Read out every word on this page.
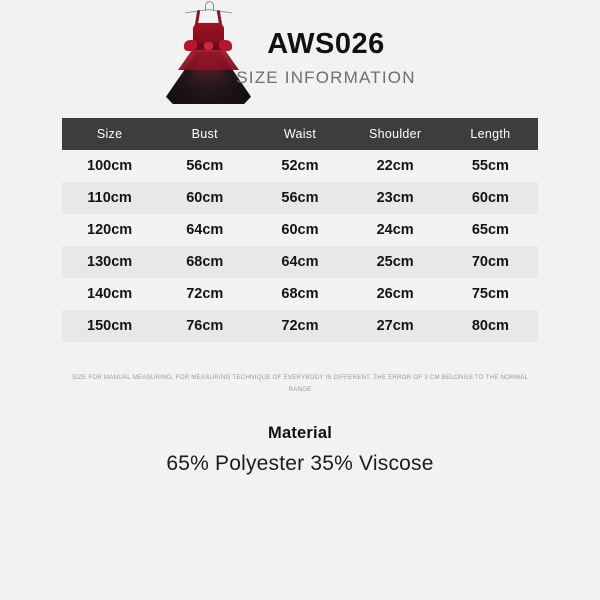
AWS026
SIZE INFORMATION
Size	Bust	Waist	Shoulder	Length
100cm	56cm	52cm	22cm	55cm
110cm	60cm	56cm	23cm	60cm
120cm	64cm	60cm	24cm	65cm
130cm	68cm	64cm	25cm	70cm
140cm	72cm	68cm	26cm	75cm
150cm	76cm	72cm	27cm	80cm
SIZE FOR MANUAL MEASURING, FOR MEASURING TECHNIQUE OF EVERYBODY IS DIFFERENT, THE ERROR OF 3 CM BELONGS TO THE NORMAL RANGE
Material
65% Polyester 35% Viscose
